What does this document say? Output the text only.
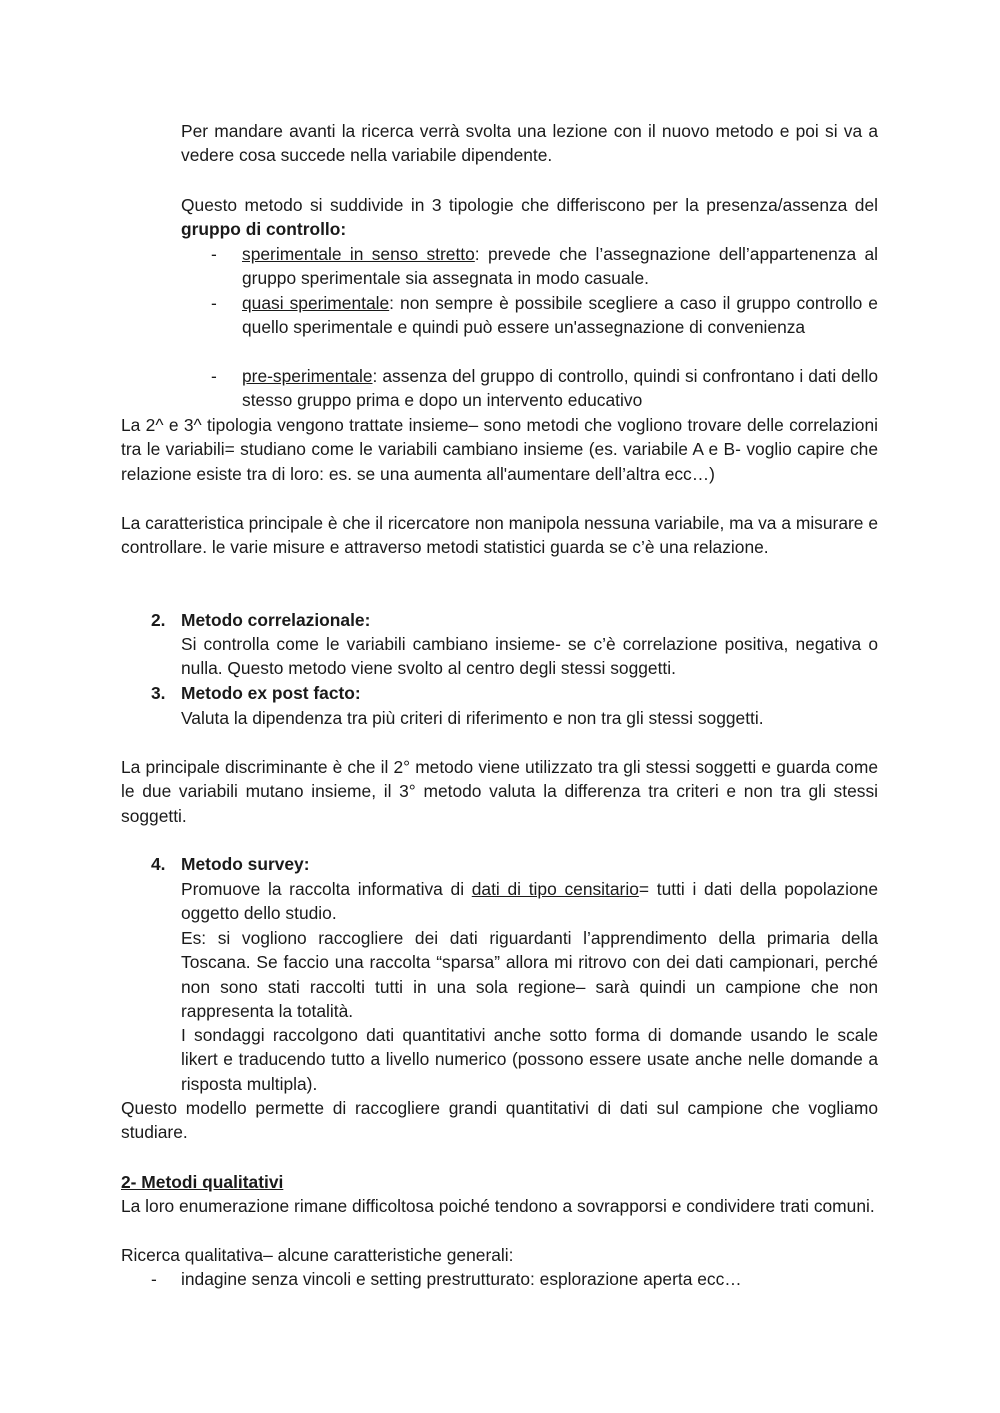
Per mandare avanti la ricerca verrà svolta una lezione con il nuovo metodo e poi si va a vedere cosa succede nella variabile dipendente.

Questo metodo si suddivide in 3 tipologie che differiscono per la presenza/assenza del gruppo di controllo:

-	sperimentale in senso stretto: prevede che l’assegnazione dell’appartenenza al gruppo sperimentale sia assegnata in modo casuale.

-	quasi sperimentale: non sempre è possibile scegliere a caso il gruppo controllo e quello sperimentale e quindi può essere un'assegnazione di convenienza

-	pre-sperimentale: assenza del gruppo di controllo, quindi si confrontano i dati dello stesso gruppo prima e dopo un intervento educativo

La 2^ e 3^ tipologia vengono trattate insieme– sono metodi che vogliono trovare delle correlazioni tra le variabili= studiano come le variabili cambiano insieme (es. variabile A e B- voglio capire che relazione esiste tra di loro: es. se una aumenta all'aumentare dell’altra ecc…)

La caratteristica principale è che il ricercatore non manipola nessuna variabile, ma va a misurare e controllare. le varie misure e attraverso metodi statistici guarda se c’è una relazione.

2. Metodo correlazionale:

Si controlla come le variabili cambiano insieme- se c’è correlazione positiva, negativa o nulla. Questo metodo viene svolto al centro degli stessi soggetti.

3. Metodo ex post facto:

Valuta la dipendenza tra più criteri di riferimento e non tra gli stessi soggetti.

La principale discriminante è che il 2° metodo viene utilizzato tra gli stessi soggetti e guarda come le due variabili mutano insieme, il 3° metodo valuta la differenza tra criteri e non tra gli stessi soggetti.

4. Metodo survey:

Promuove la raccolta informativa di dati di tipo censitario= tutti i dati della popolazione oggetto dello studio.

Es: si vogliono raccogliere dei dati riguardanti l’apprendimento della primaria della Toscana. Se faccio una raccolta “sparsa” allora mi ritrovo con dei dati campionari, perché non sono stati raccolti tutti in una sola regione– sarà quindi un campione che non rappresenta la totalità.

I sondaggi raccolgono dati quantitativi anche sotto forma di domande usando le scale likert e traducendo tutto a livello numerico (possono essere usate anche nelle domande a risposta multipla).

Questo modello permette di raccogliere grandi quantitativi di dati sul campione che vogliamo studiare.

2- Metodi qualitativi

La loro enumerazione rimane difficoltosa poiché tendono a sovrapporsi e condividere trati comuni.

Ricerca qualitativa– alcune caratteristiche generali:

-	indagine senza vincoli e setting prestrutturato: esplorazione aperta ecc…
